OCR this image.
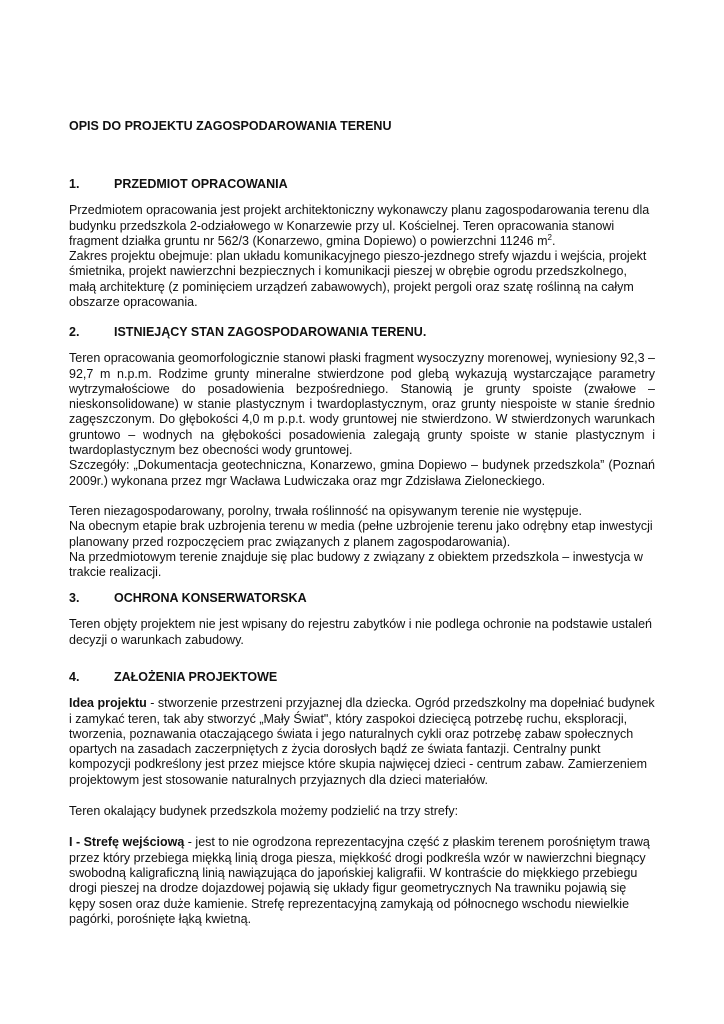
OPIS DO PROJEKTU ZAGOSPODAROWANIA TERENU
1.	PRZEDMIOT OPRACOWANIA

Przedmiotem opracowania jest projekt architektoniczny wykonawczy planu zagospodarowania terenu dla budynku przedszkola 2-odziałowego w Konarzewie przy ul. Kościelnej. Teren opracowania stanowi fragment działka gruntu nr 562/3 (Konarzewo, gmina Dopiewo) o powierzchni 11246 $m^2$.

Zakres projektu obejmuje: plan układu komunikacyjnego pieszo-jezdnego strefy wjazdu i wejścia, projekt śmietnika, projekt nawierzchni bezpiecznych i komunikacji pieszej w obrębie ogrodu przedszkolnego, małą architekturę (z pominięciem urządzeń zabawowych), projekt pergoli oraz szatę roślinną na całym obszarze opracowania.

2.	ISTNIEJĄCY STAN ZAGOSPODAROWANIA TERENU.

Teren opracowania geomorfologicznie stanowi płaski fragment wysoczyzny morenowej, wyniesiony 92,3 – 92,7 m n.p.m. Rodzime grunty mineralne stwierdzone pod glebą wykazują wystarczające parametry wytrzymałościowe do posadowienia bezpośredniego. Stanowią je grunty spoiste (zwałowe – nieskonsolidowane) w stanie plastycznym i twardoplastycznym, oraz grunty niespoiste w stanie średnio zagęszczonym. Do głębokości 4,0 m p.p.t. wody gruntowej nie stwierdzono. W stwierdzonych warunkach gruntowo – wodnych na głębokości posadowienia zalegają grunty spoiste w stanie plastycznym i twardoplastycznym bez obecności wody gruntowej.

Szczegóły: „Dokumentacja geotechniczna, Konarzewo, gmina Dopiewo – budynek przedszkola” (Poznań 2009r.) wykonana przez mgr Wacława Ludwiczaka oraz mgr Zdzisława Zieloneckiego.

Teren niezagospodarowany, porolny, trwała roślinność na opisywanym terenie nie występuje.

Na obecnym etapie brak uzbrojenia terenu w media (pełne uzbrojenie terenu jako odrębny etap inwestycji planowany przed rozpoczęciem prac związanych z planem zagospodarowania).

Na przedmiotowym terenie znajduje się plac budowy z związany z obiektem przedszkola – inwestycja w trakcie realizacji.

3.	OCHRONA KONSERWATORSKA

Teren objęty projektem nie jest wpisany do rejestru zabytków i nie podlega ochronie na podstawie ustaleń decyzji o warunkach zabudowy.

4.	ZAŁOŻENIA PROJEKTOWE

Idea projektu - stworzenie przestrzeni przyjaznej dla dziecka. Ogród przedszkolny ma dopełniać budynek i zamykać teren, tak aby stworzyć „Mały Świat", który zaspokoi dziecięcą potrzebę ruchu, eksploracji, tworzenia, poznawania otaczającego świata i jego naturalnych cykli oraz potrzebę zabaw społecznych opartych na zasadach zaczerpniętych z życia dorosłych bądź ze świata fantazji. Centralny punkt kompozycji podkreślony jest przez miejsce które skupia najwięcej dzieci - centrum zabaw. Zamierzeniem projektowym jest stosowanie naturalnych przyjaznych dla dzieci materiałów.

Teren okalający budynek przedszkola możemy podzielić na trzy strefy:

I - Strefę wejściową - jest to nie ogrodzona reprezentacyjna część z płaskim terenem porośniętym trawą przez który przebiega miękką linią droga piesza, miękkość drogi podkreśla wzór w nawierzchni biegnący swobodną kaligraficzną linią nawiązująca do japońskiej kaligrafii. W kontraście do miękkiego przebiegu drogi pieszej na drodze dojazdowej pojawią się układy figur geometrycznych Na trawniku pojawią się kępy sosen oraz duże kamienie. Strefę reprezentacyjną zamykają od północnego wschodu niewielkie pagórki, porośnięte łąką kwietną.
